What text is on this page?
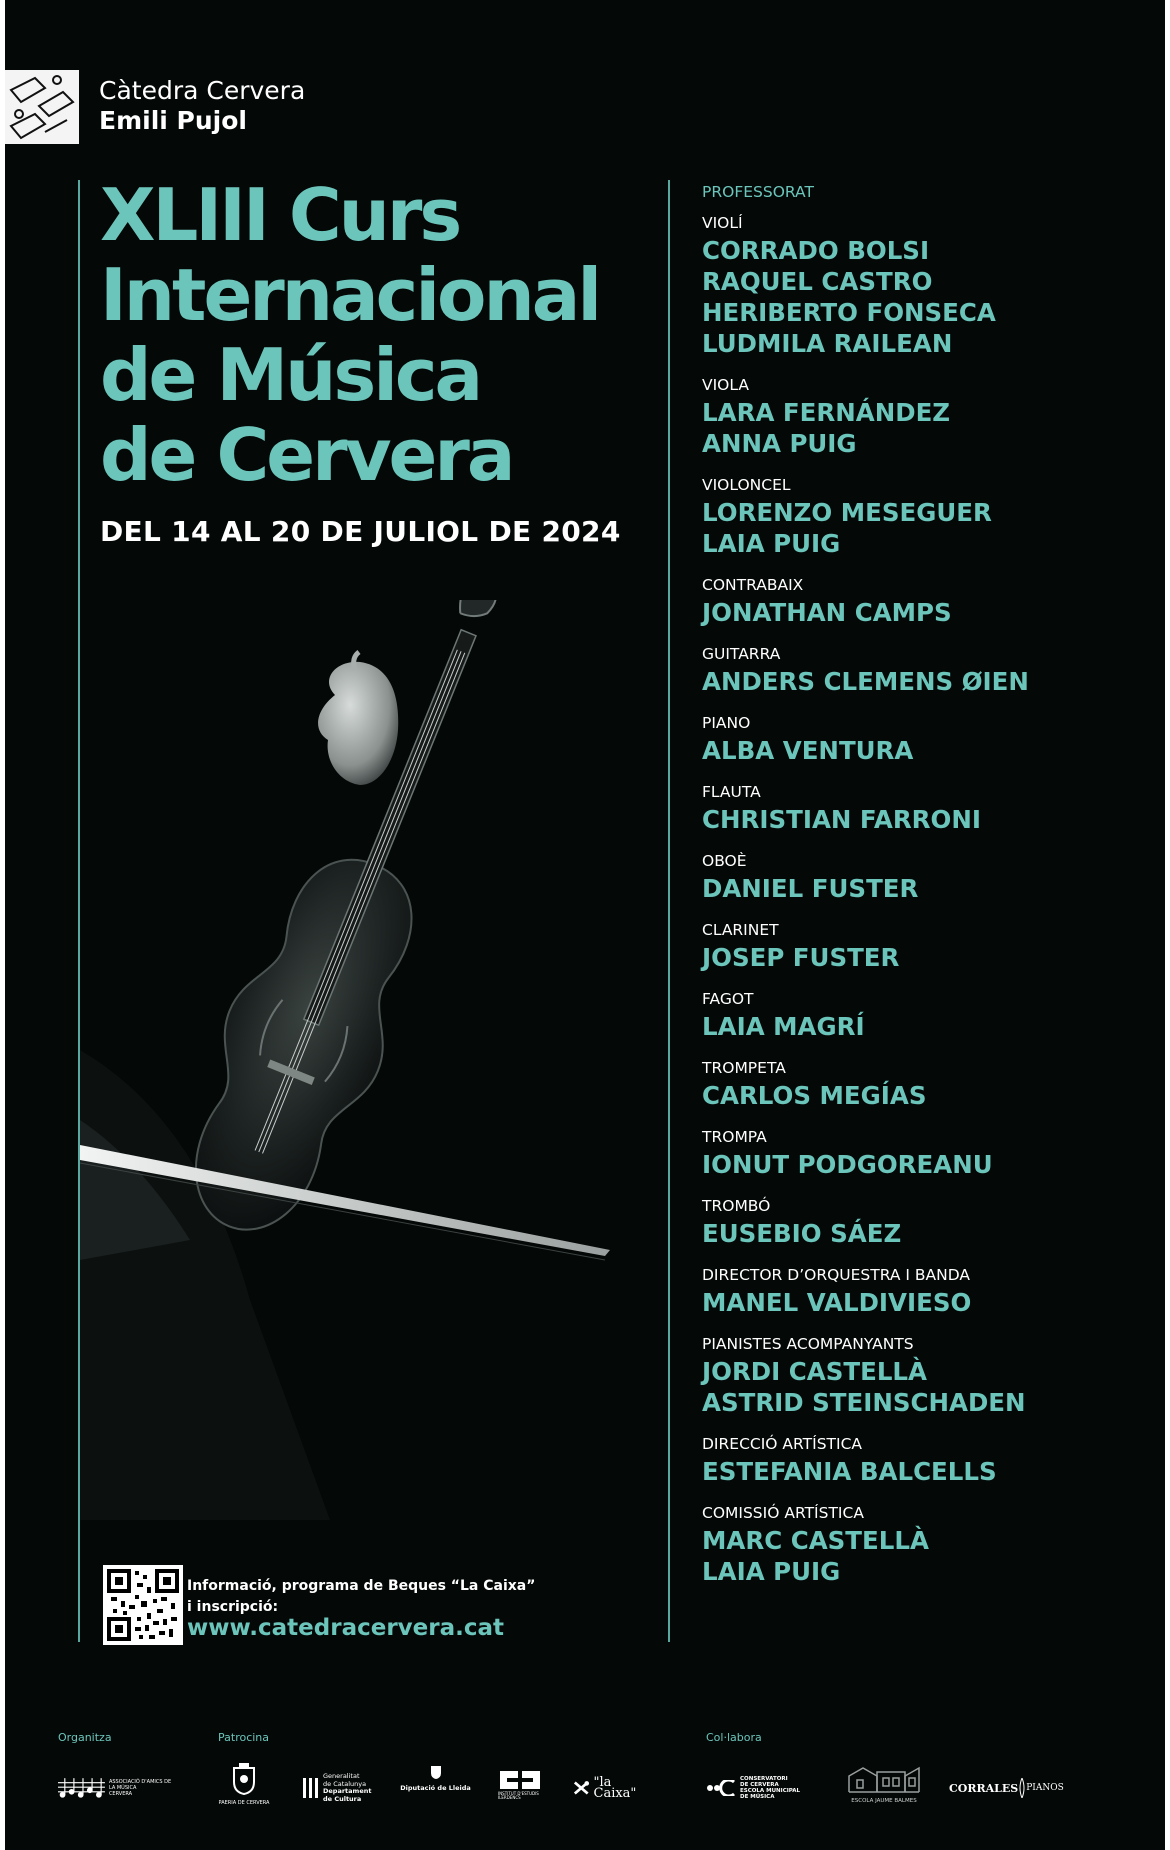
Càtedra Cervera
Emili Pujol
XLIII Curs
Internacional
de Música
de Cervera
DEL 14 AL 20 DE JULIOL DE 2024
Informació, programa de Beques “La Caixa”
i inscripció:
www.catedracervera.cat
PROFESSORAT
VIOLÍ
CORRADO BOLSI
RAQUEL CASTRO
HERIBERTO FONSECA
LUDMILA RAILEAN
VIOLA
LARA FERNÁNDEZ
ANNA PUIG
VIOLONCEL
LORENZO MESEGUER
LAIA PUIG
CONTRABAIX
JONATHAN CAMPS
GUITARRA
ANDERS CLEMENS ØIEN
PIANO
ALBA VENTURA
FLAUTA
CHRISTIAN FARRONI
OBOÈ
DANIEL FUSTER
CLARINET
JOSEP FUSTER
FAGOT
LAIA MAGRÍ
TROMPETA
CARLOS MEGÍAS
TROMPA
IONUT PODGOREANU
TROMBÓ
EUSEBIO SÁEZ
DIRECTOR D’ORQUESTRA I BANDA
MANEL VALDIVIESO
PIANISTES ACOMPANYANTS
JORDI CASTELLÀ
ASTRID STEINSCHADEN
DIRECCIÓ ARTÍSTICA
ESTEFANIA BALCELLS
COMISSIÓ ARTÍSTICA
MARC CASTELLÀ
LAIA PUIG
Organitza	Patrocina	Col·labora
ASSOCIACIÓ D'AMICS DE LA MÚSICA
CERVERA
PAERIA DE CERVERA
Generalitat
de Catalunya
Departament
de Cultura
Diputació de Lleida
INSTITUT D'ESTUDIS ILERDENCS
"la Caixa"
CONSERVATORI
DE CERVERA
ESCOLA MUNICIPAL
DE MÚSICA
ESCOLA JAUME BALMES
CORRALES PIANOS
